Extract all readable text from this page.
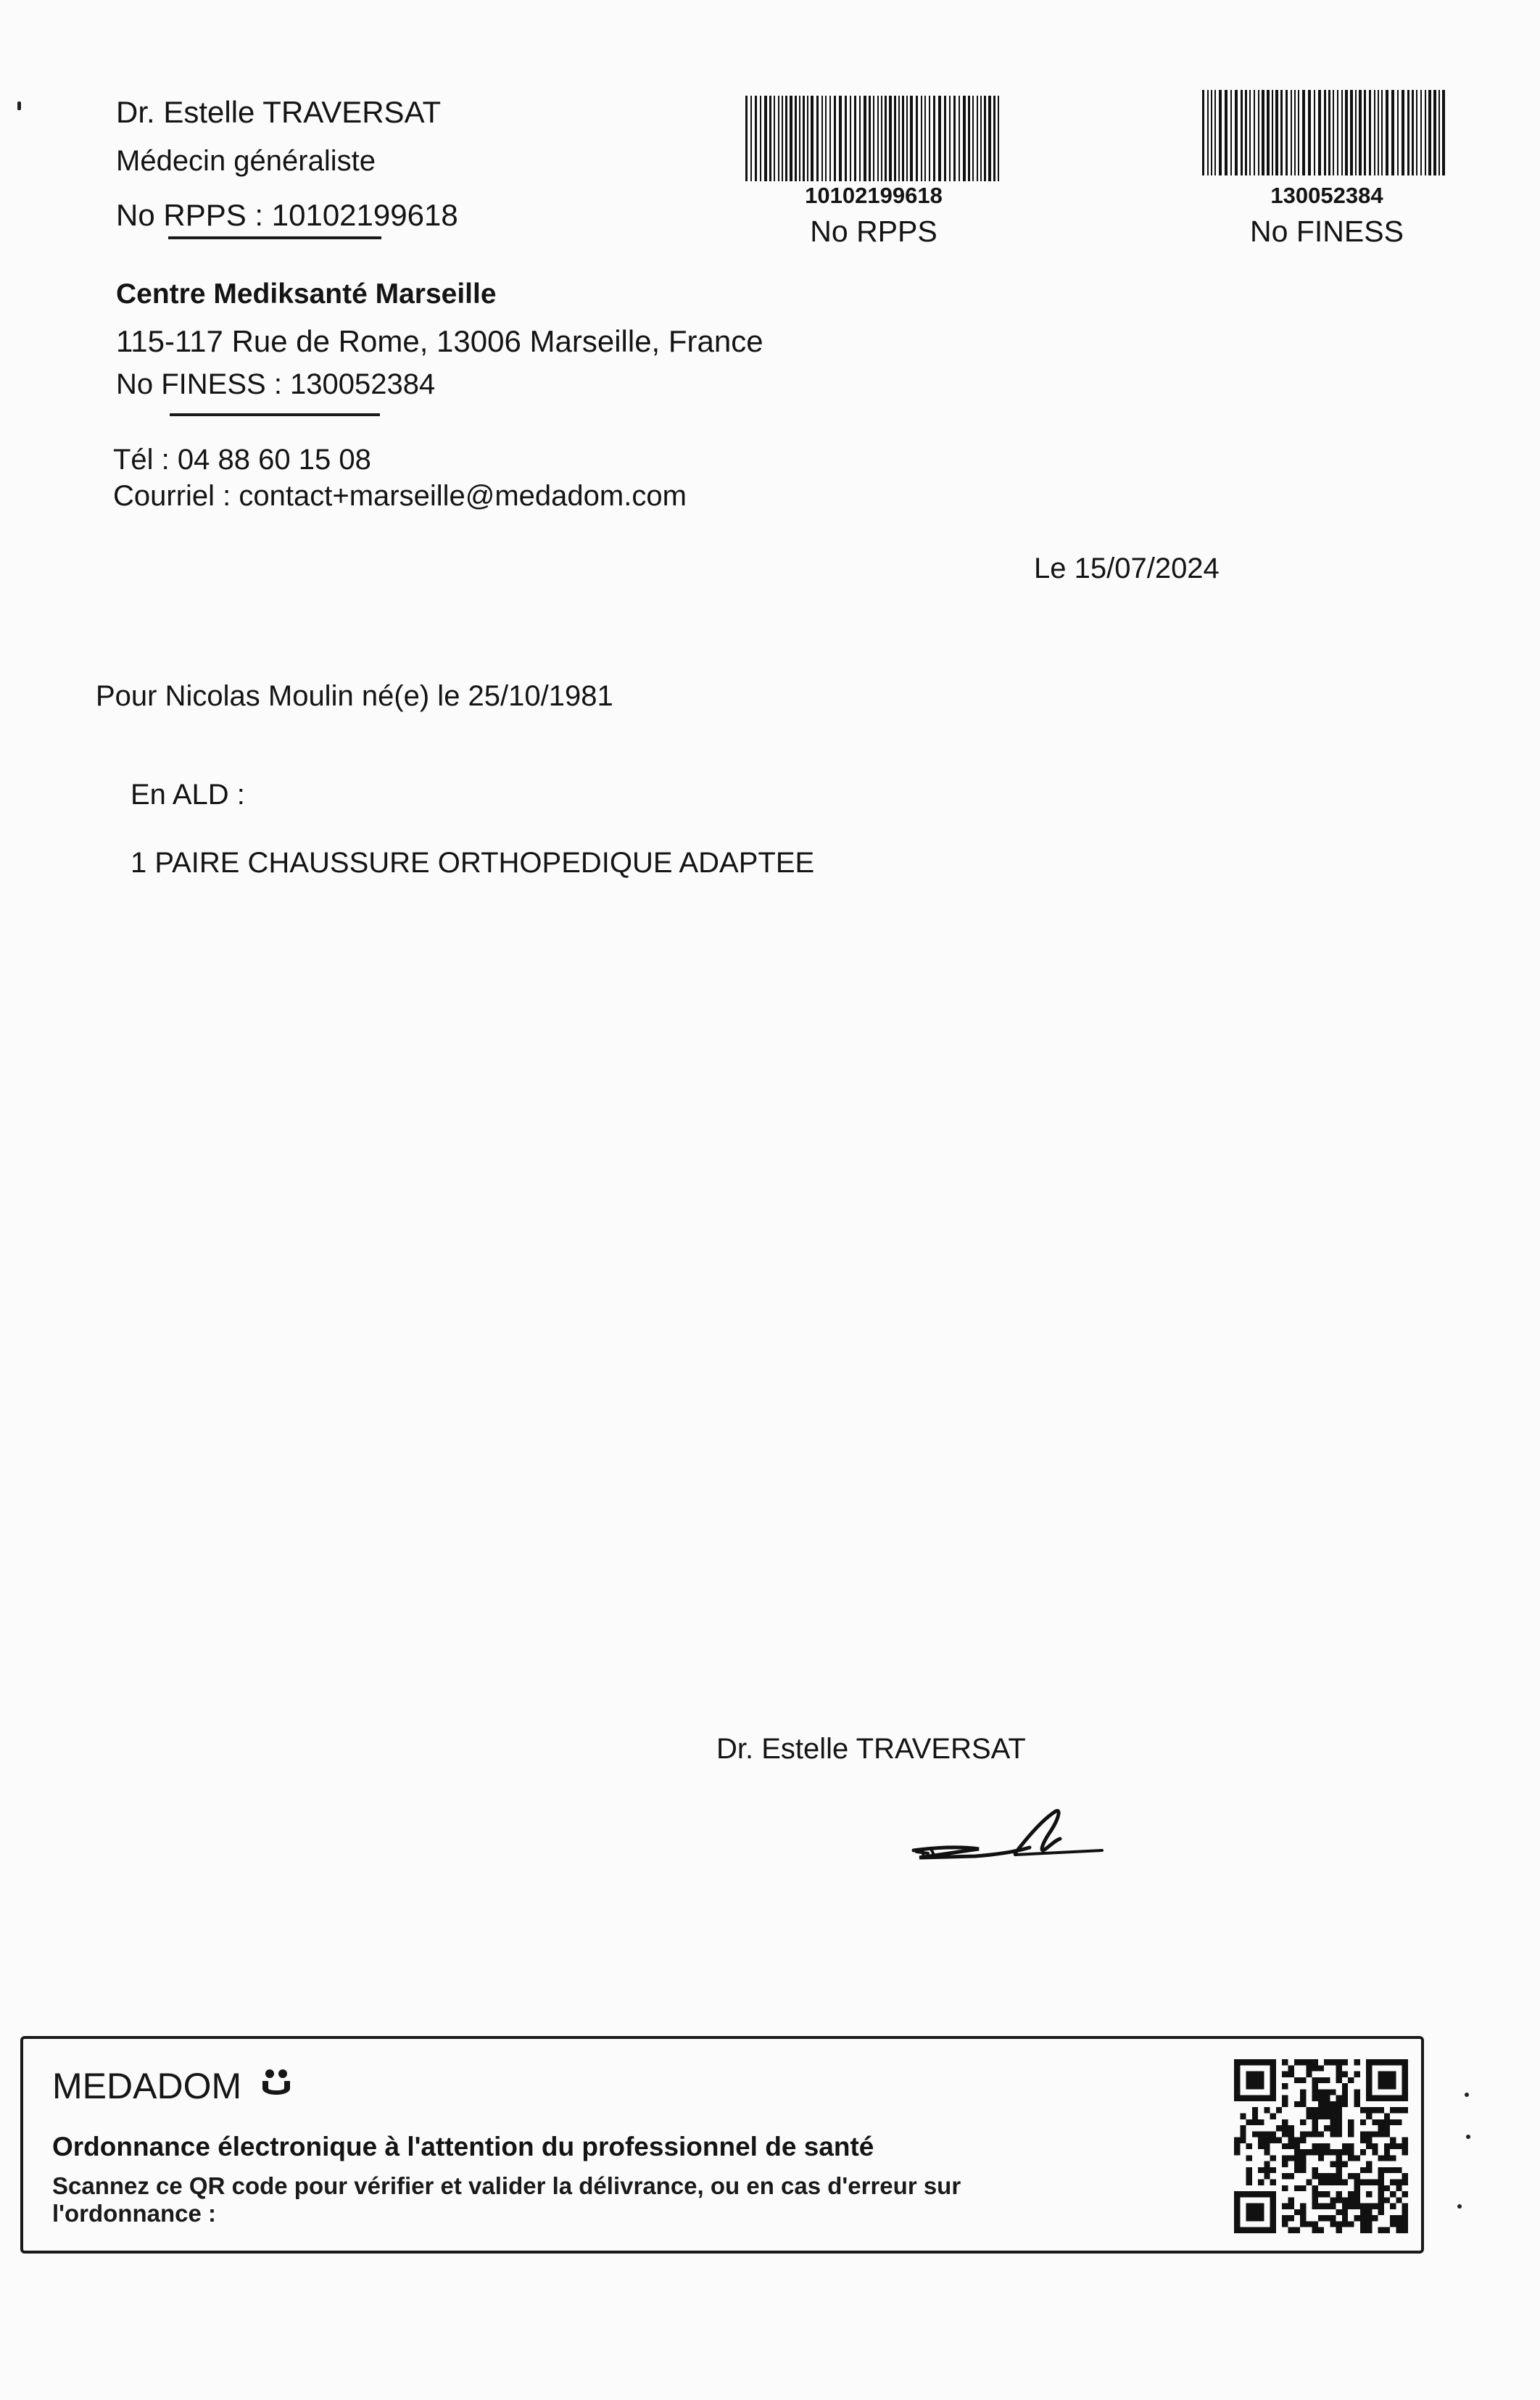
Dr. Estelle TRAVERSAT
Médecin généraliste
No RPPS : 10102199618
Centre Mediksanté Marseille
115-117 Rue de Rome, 13006 Marseille, France
No FINESS : 130052384
Tél : 04 88 60 15 08
Courriel : contact+marseille@medadom.com
10102199618
No RPPS
130052384
No FINESS
Le 15/07/2024
Pour Nicolas Moulin né(e) le 25/10/1981
En ALD :
1 PAIRE CHAUSSURE ORTHOPEDIQUE ADAPTEE
Dr. Estelle TRAVERSAT
MEDADOM
Ordonnance électronique à l'attention du professionnel de santé
Scannez ce QR code pour vérifier et valider la délivrance, ou en cas d'erreur sur
l'ordonnance :
